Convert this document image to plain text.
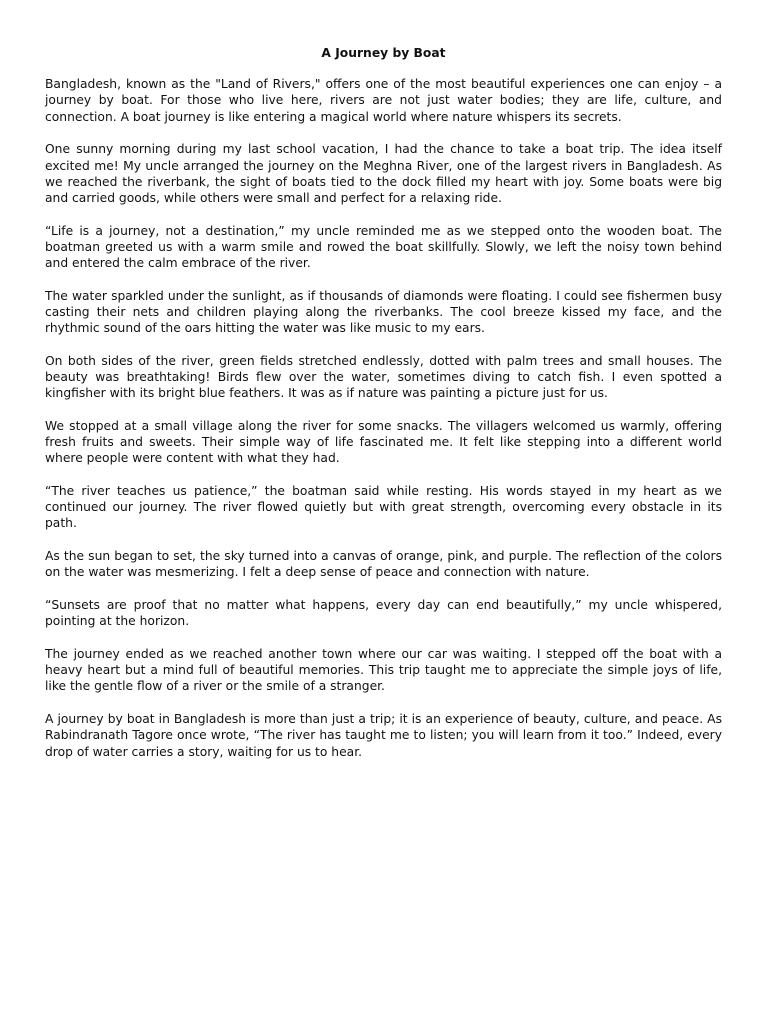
A Journey by Boat

Bangladesh, known as the "Land of Rivers," offers one of the most beautiful experiences one can enjoy – a journey by boat. For those who live here, rivers are not just water bodies; they are life, culture, and connection. A boat journey is like entering a magical world where nature whispers its secrets.

One sunny morning during my last school vacation, I had the chance to take a boat trip. The idea itself excited me! My uncle arranged the journey on the Meghna River, one of the largest rivers in Bangladesh. As we reached the riverbank, the sight of boats tied to the dock filled my heart with joy. Some boats were big and carried goods, while others were small and perfect for a relaxing ride.

“Life is a journey, not a destination,” my uncle reminded me as we stepped onto the wooden boat. The boatman greeted us with a warm smile and rowed the boat skillfully. Slowly, we left the noisy town behind and entered the calm embrace of the river.

The water sparkled under the sunlight, as if thousands of diamonds were floating. I could see fishermen busy casting their nets and children playing along the riverbanks. The cool breeze kissed my face, and the rhythmic sound of the oars hitting the water was like music to my ears.

On both sides of the river, green fields stretched endlessly, dotted with palm trees and small houses. The beauty was breathtaking! Birds flew over the water, sometimes diving to catch fish. I even spotted a kingfisher with its bright blue feathers. It was as if nature was painting a picture just for us.

We stopped at a small village along the river for some snacks. The villagers welcomed us warmly, offering fresh fruits and sweets. Their simple way of life fascinated me. It felt like stepping into a different world where people were content with what they had.

“The river teaches us patience,” the boatman said while resting. His words stayed in my heart as we continued our journey. The river flowed quietly but with great strength, overcoming every obstacle in its path.

As the sun began to set, the sky turned into a canvas of orange, pink, and purple. The reflection of the colors on the water was mesmerizing. I felt a deep sense of peace and connection with nature.

“Sunsets are proof that no matter what happens, every day can end beautifully,” my uncle whispered, pointing at the horizon.

The journey ended as we reached another town where our car was waiting. I stepped off the boat with a heavy heart but a mind full of beautiful memories. This trip taught me to appreciate the simple joys of life, like the gentle flow of a river or the smile of a stranger.

A journey by boat in Bangladesh is more than just a trip; it is an experience of beauty, culture, and peace. As Rabindranath Tagore once wrote, “The river has taught me to listen; you will learn from it too.” Indeed, every drop of water carries a story, waiting for us to hear.
